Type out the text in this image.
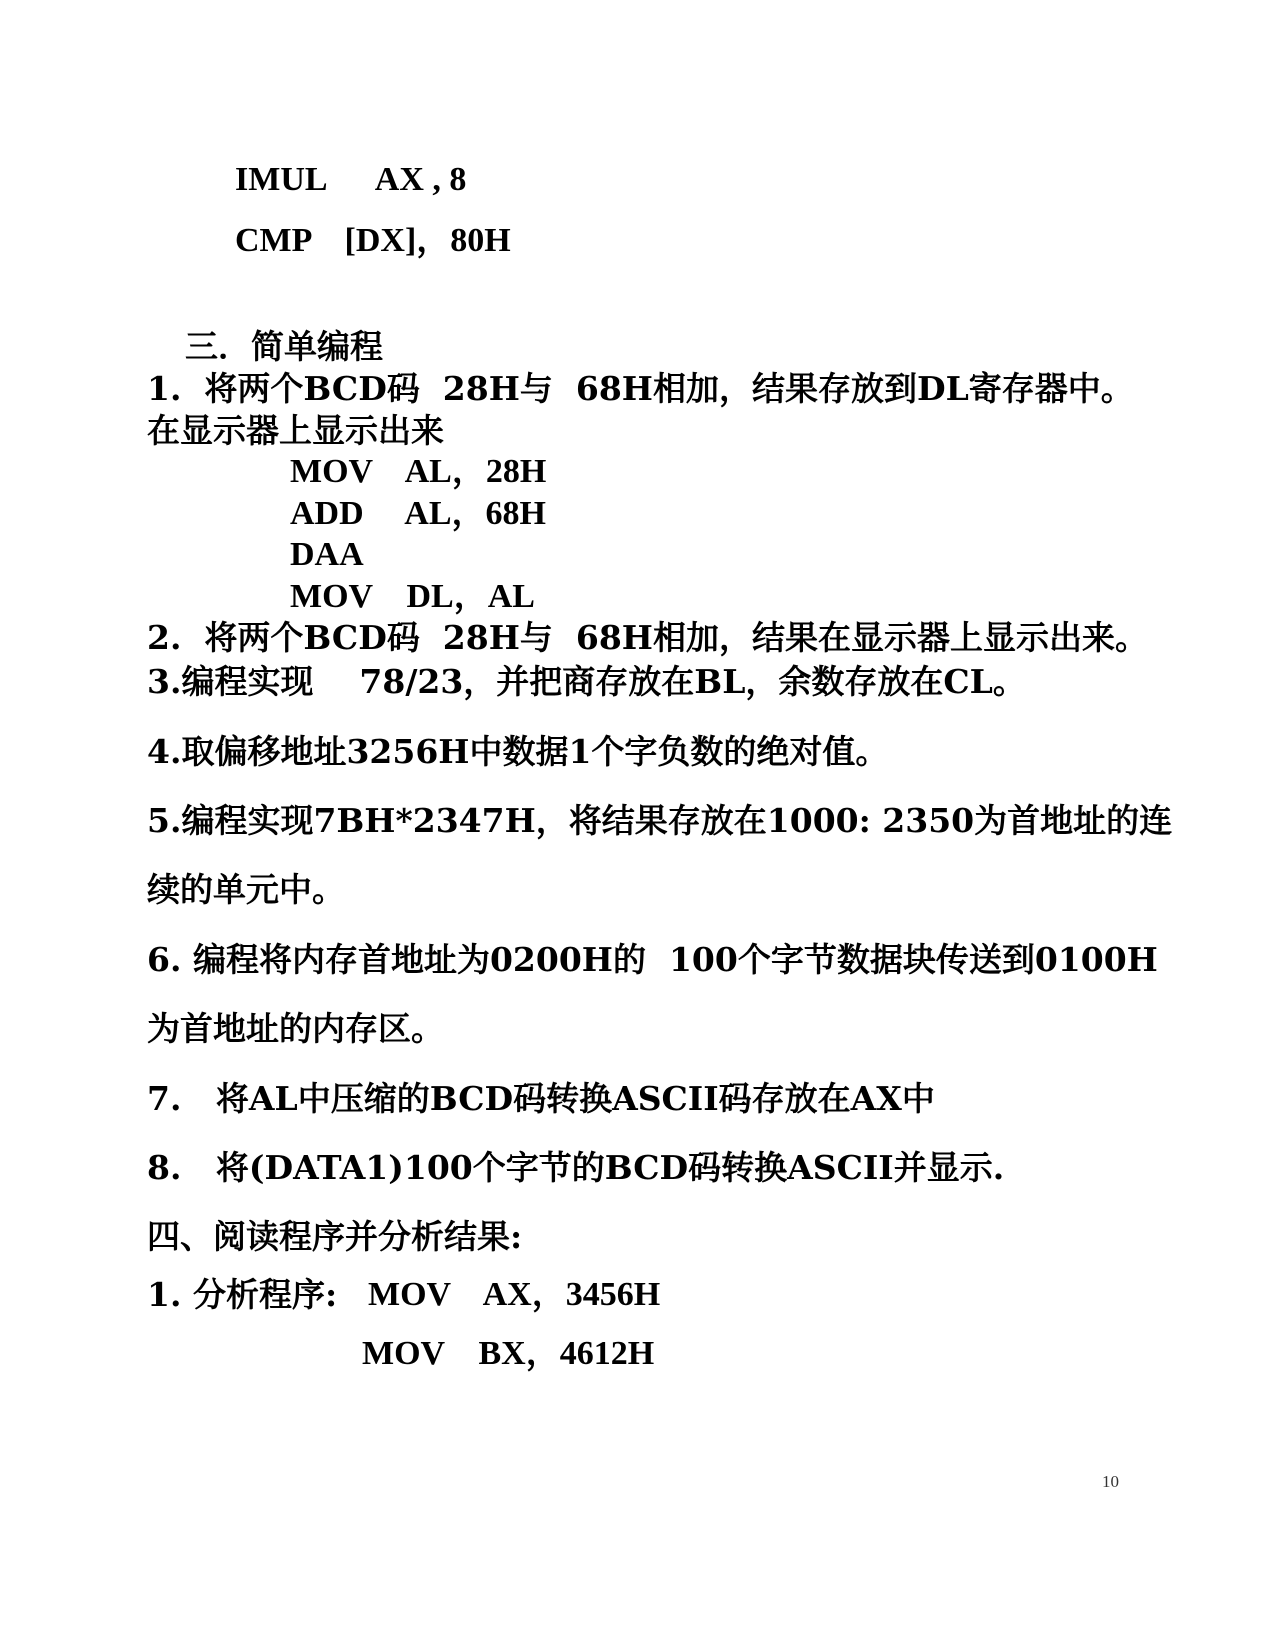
IMUL      AX , 8
CMP    [DX]，80H
三．简单编程
1.  将两个BCD码  28H与  68H相加，结果存放到DL寄存器中。
在显示器上显示出来
MOV    AL，28H
ADD     AL，68H
DAA
MOV    DL，AL
2.  将两个BCD码  28H与  68H相加，结果在显示器上显示出来。
3.编程实现    78/23，并把商存放在BL，余数存放在CL。
4.取偏移地址3256H中数据1个字负数的绝对值。
5.编程实现7BH*2347H，将结果存放在1000: 2350为首地址的连
续的单元中。
6. 编程将内存首地址为0200H的  100个字节数据块传送到0100H
为首地址的内存区。
7.   将AL中压缩的BCD码转换ASCII码存放在AX中
8.   将(DATA1)100个字节的BCD码转换ASCII并显示.
四、阅读程序并分析结果:
1. 分析程序: MOV    AX，3456H
MOV    BX，4612H
10
